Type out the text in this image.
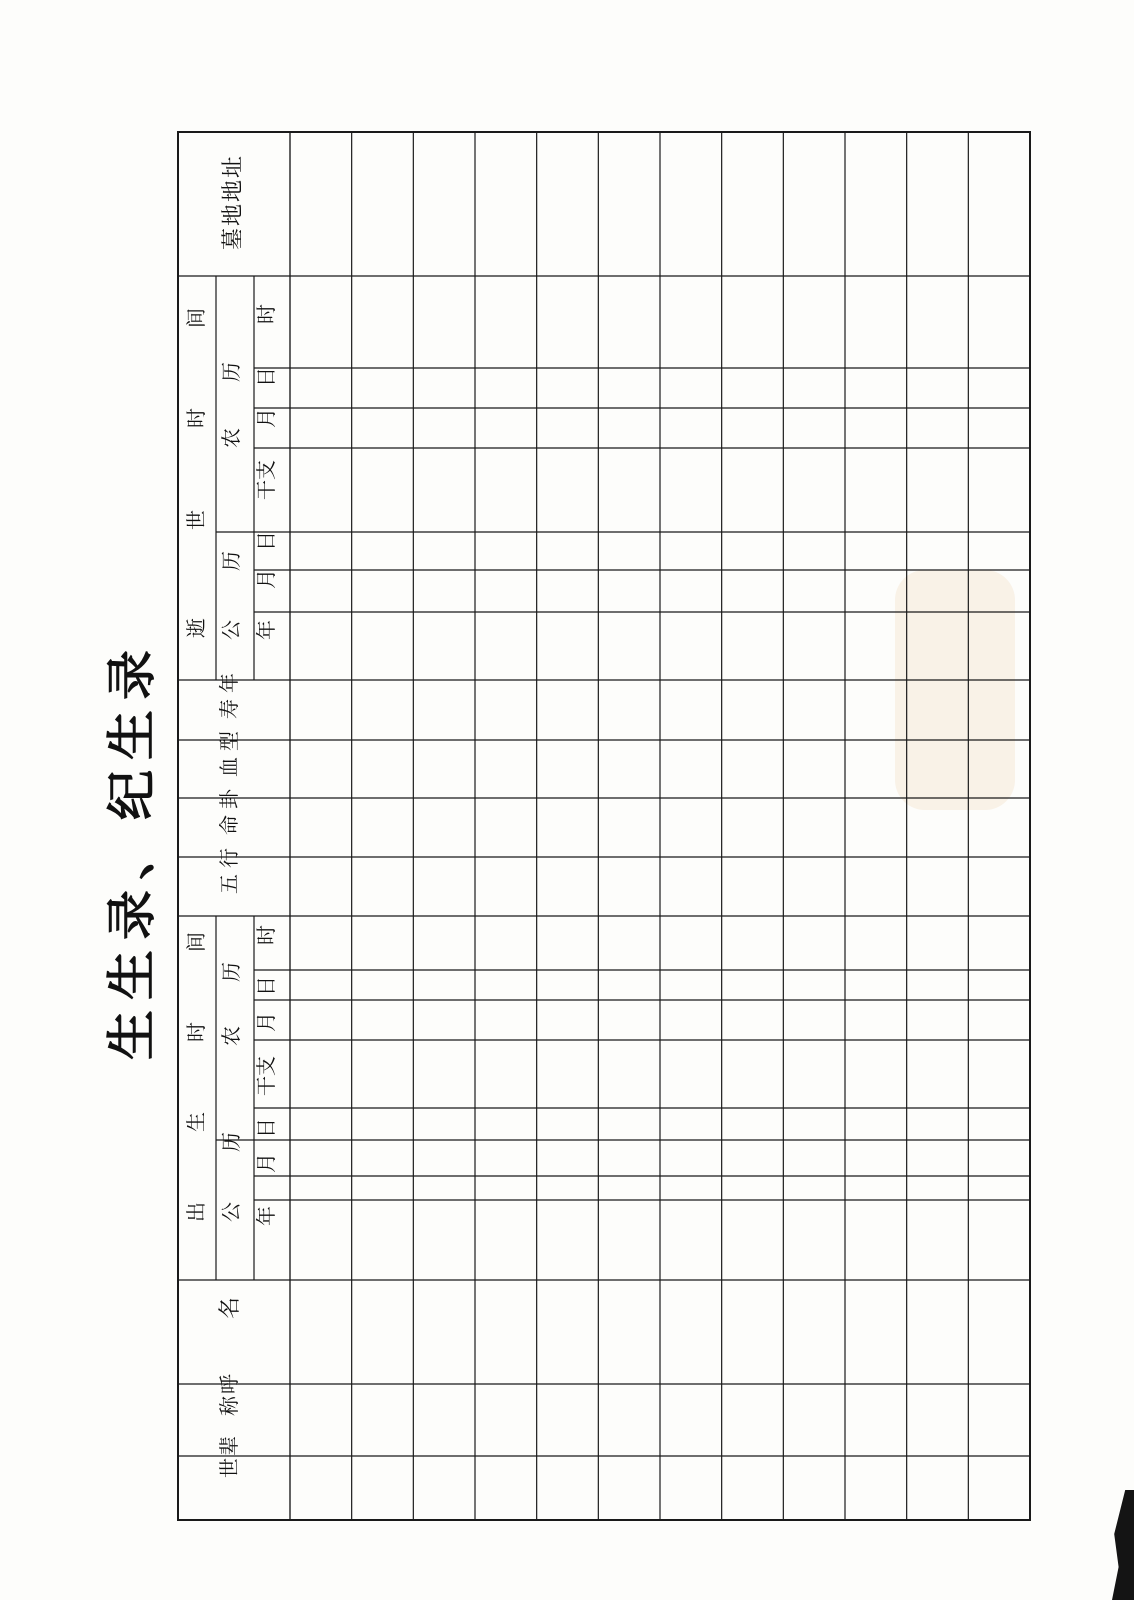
生生录、纪生录
世辈
称呼
名
出
生
时
间
公
历
年
月
日
农
历
干支
月
日
时
五行
命卦
血型
寿年
逝
世
时
间
公
历
年
月
日
农
历
干支
月
日
时
墓地地址
